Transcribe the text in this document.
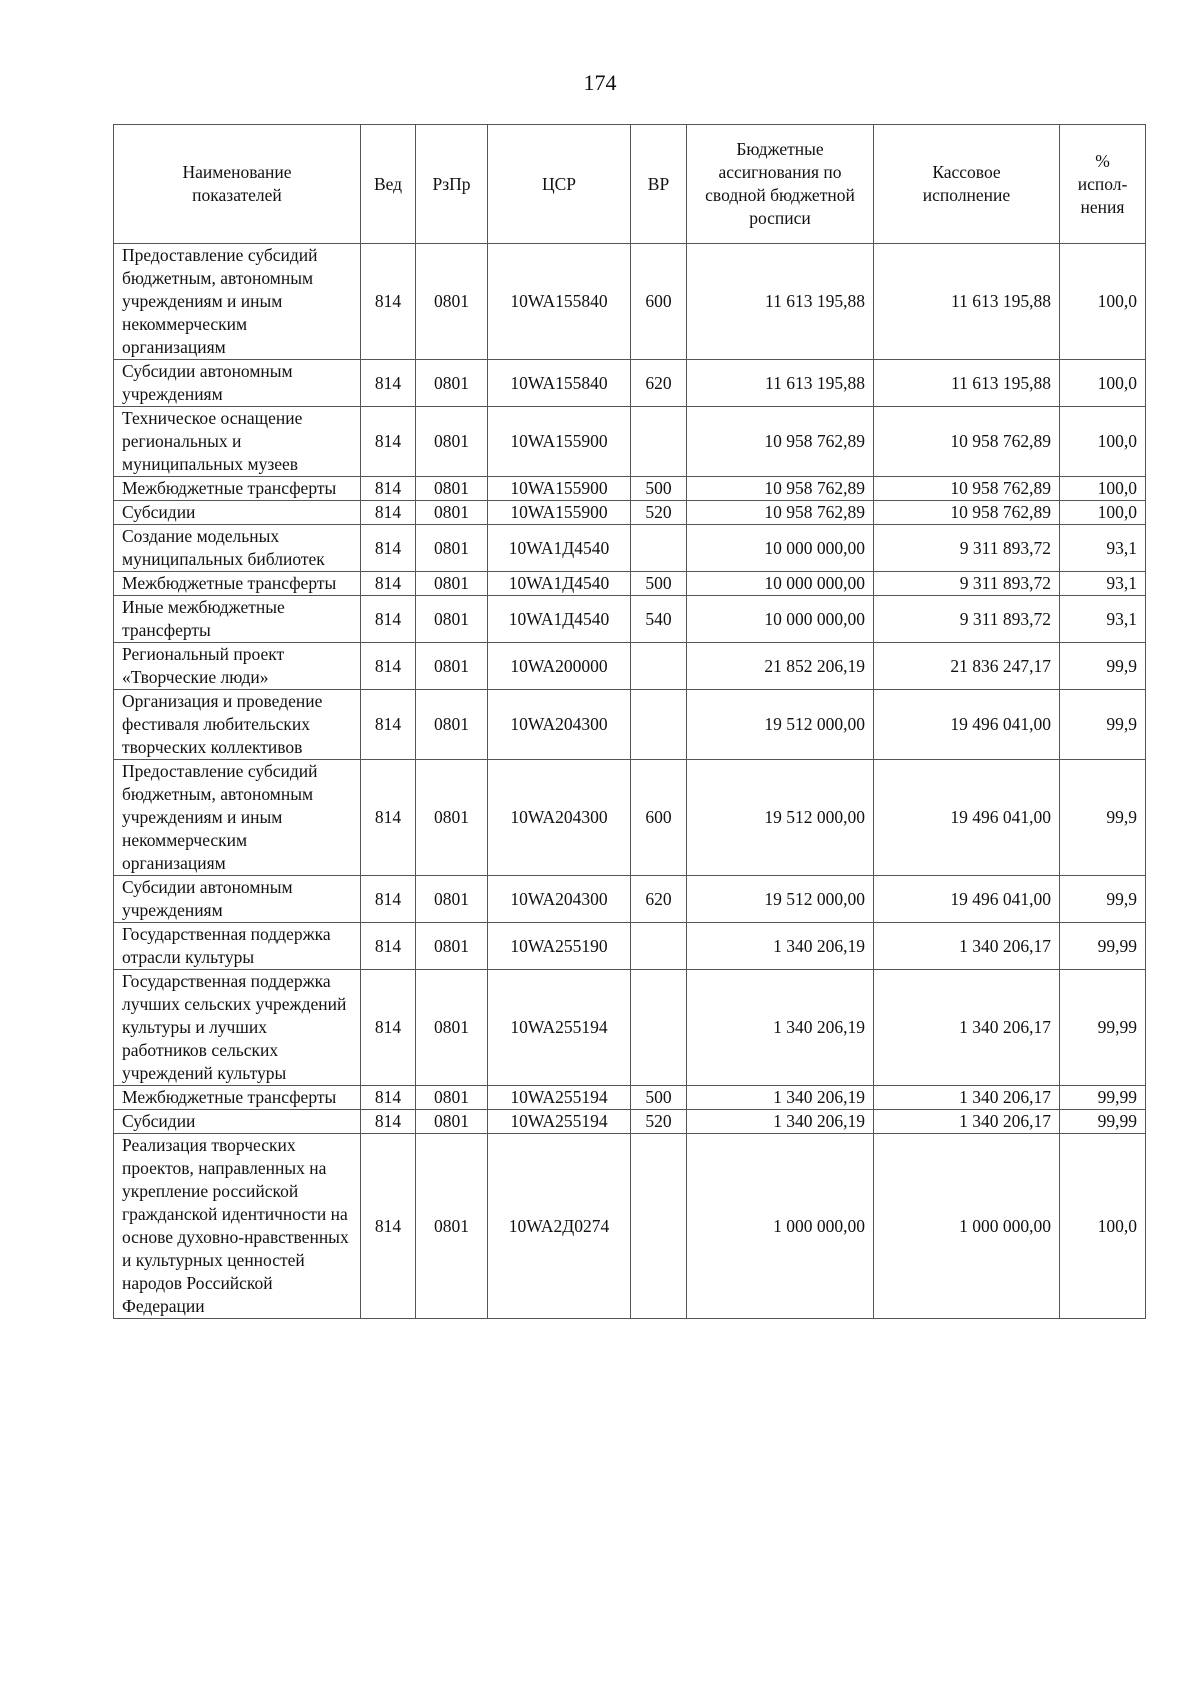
174
Наименование показателей	Вед	РзПр	ЦСР	ВР	Бюджетные ассигнования по сводной бюджетной росписи	Кассовое исполнение	% испол-нения
Предоставление субсидий бюджетным, автономным учреждениям и иным некоммерческим организациям	814	0801	10WA155840	600	11 613 195,88	11 613 195,88	100,0
Субсидии автономным учреждениям	814	0801	10WA155840	620	11 613 195,88	11 613 195,88	100,0
Техническое оснащение региональных и муниципальных музеев	814	0801	10WA155900		10 958 762,89	10 958 762,89	100,0
Межбюджетные трансферты	814	0801	10WA155900	500	10 958 762,89	10 958 762,89	100,0
Субсидии	814	0801	10WA155900	520	10 958 762,89	10 958 762,89	100,0
Создание модельных муниципальных библиотек	814	0801	10WA1Д4540		10 000 000,00	9 311 893,72	93,1
Межбюджетные трансферты	814	0801	10WA1Д4540	500	10 000 000,00	9 311 893,72	93,1
Иные межбюджетные трансферты	814	0801	10WA1Д4540	540	10 000 000,00	9 311 893,72	93,1
Региональный проект «Творческие люди»	814	0801	10WA200000		21 852 206,19	21 836 247,17	99,9
Организация и проведение фестиваля любительских творческих коллективов	814	0801	10WA204300		19 512 000,00	19 496 041,00	99,9
Предоставление субсидий бюджетным, автономным учреждениям и иным некоммерческим организациям	814	0801	10WA204300	600	19 512 000,00	19 496 041,00	99,9
Субсидии автономным учреждениям	814	0801	10WA204300	620	19 512 000,00	19 496 041,00	99,9
Государственная поддержка отрасли культуры	814	0801	10WA255190		1 340 206,19	1 340 206,17	99,99
Государственная поддержка лучших сельских учреждений культуры и лучших работников сельских учреждений культуры	814	0801	10WA255194		1 340 206,19	1 340 206,17	99,99
Межбюджетные трансферты	814	0801	10WA255194	500	1 340 206,19	1 340 206,17	99,99
Субсидии	814	0801	10WA255194	520	1 340 206,19	1 340 206,17	99,99
Реализация творческих проектов, направленных на укрепление российской гражданской идентичности на основе духовно-нравственных и культурных ценностей народов Российской Федерации	814	0801	10WA2Д0274		1 000 000,00	1 000 000,00	100,0
